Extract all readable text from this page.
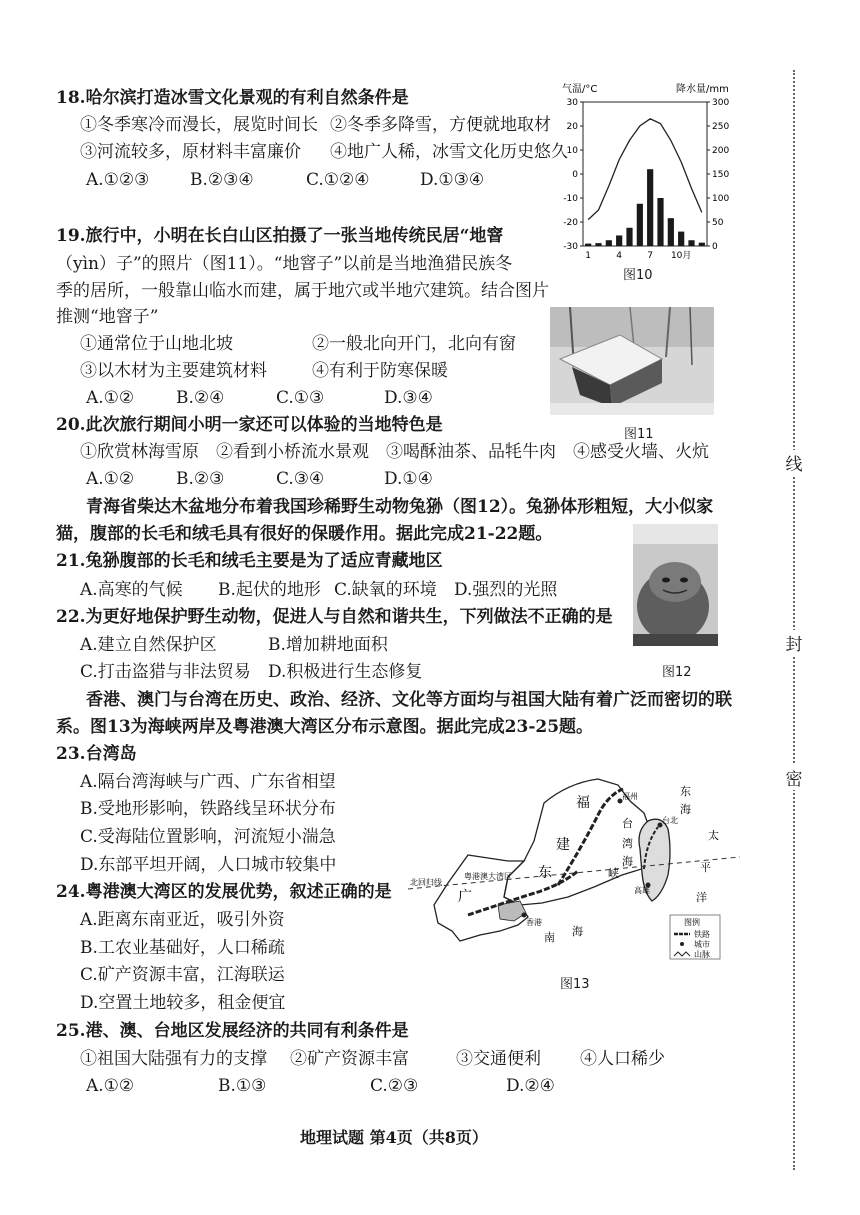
18.哈尔滨打造冰雪文化景观的有利自然条件是
①冬季寒冷而漫长，展览时间长 ②冬季多降雪，方便就地取材
③河流较多，原材料丰富廉价 ④地广人稀，冰雪文化历史悠久
A.①②③ B.②③④	C.①②④	D.①③④
气温/°C	降水量/mm
30
20
10
0
-10
-20
-30
300
250
200
150
100
50
0
1	4	7 10月
图10
19.旅行中，小明在长白山区拍摄了一张当地传统民居“地窨
（yìn）子”的照片（图11）。“地窨子”以前是当地渔猎民族冬
季的居所，一般靠山临水而建，属于地穴或半地穴建筑。结合图片
推测“地窨子”
①通常位于山地北坡	②一般北向开门，北向有窗
③以木材为主要建筑材料	④有利于防寒保暖
A.①② B.②④	C.①③	D.③④
图11
20.此次旅行期间小明一家还可以体验的当地特色是
①欣赏林海雪原　②看到小桥流水景观　③喝酥油茶、品牦牛肉　④感受火墙、火炕
A.①② B.②③	C.③④	D.①④
青海省柴达木盆地分布着我国珍稀野生动物兔狲（图12）。兔狲体形粗短，大小似家
猫，腹部的长毛和绒毛具有很好的保暖作用。据此完成21-22题。
图12
21.兔狲腹部的长毛和绒毛主要是为了适应青藏地区
A.高寒的气候 B.起伏的地形 C.缺氧的环境 D.强烈的光照
22.为更好地保护野生动物，促进人与自然和谐共生，下列做法不正确的是
A.建立自然保护区	B.增加耕地面积
C.打击盗猎与非法贸易 D.积极进行生态修复
香港、澳门与台湾在历史、政治、经济、文化等方面均与祖国大陆有着广泛而密切的联
系。图13为海峡两岸及粤港澳大湾区分布示意图。据此完成23-25题。
23.台湾岛
A.隔台湾海峡与广西、广东省相望
B.受地形影响，铁路线呈环状分布
C.受海陆位置影响，河流短小湍急
D.东部平坦开阔，人口城市较集中
24.粤港澳大湾区的发展优势，叙述正确的是
A.距离东南亚近，吸引外资
B.工农业基础好，人口稀疏
C.矿产资源丰富，江海联运
D.空置土地较多，租金便宜
福
建
福州	东
海
台
湾
海
峡
台北
太
平
洋
高雄
广
东
南 海
北回归线
粤港澳大湾区
香港	图例
铁路
城市
山脉
图13
25.港、澳、台地区发展经济的共同有利条件是
①祖国大陆强有力的支撑 ②矿产资源丰富	③交通便利 ④人口稀少
A.①②	B.①③	C.②③	D.②④
地理试题 第4页（共8页）
线
封
密
